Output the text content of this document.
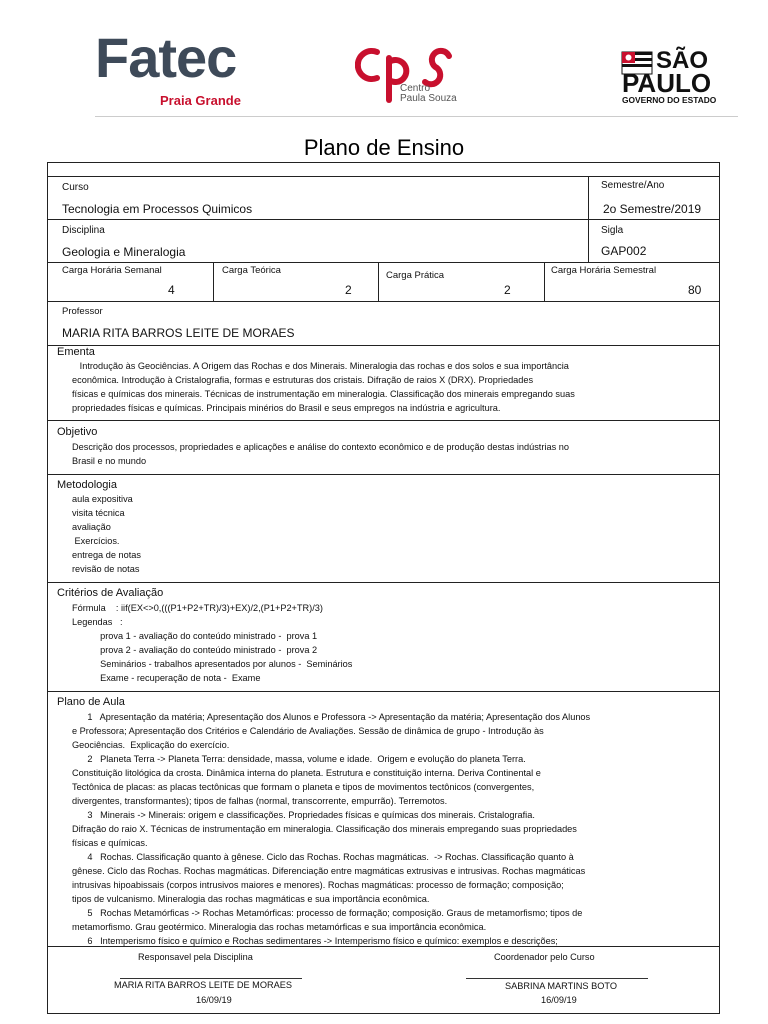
Fatec
Praia Grande
Centro
Paula Souza
SÃO
PAULO
GOVERNO DO ESTADO
Plano de Ensino
Curso
Tecnologia em Processos Quimicos
Semestre/Ano
2o Semestre/2019
Disciplina
Geologia e Mineralogia
Sigla
GAP002
Carga Horária Semanal
4
Carga Teórica
2
Carga Prática
2
Carga Horária Semestral
80
Professor
MARIA RITA BARROS LEITE DE MORAES
Ementa
Introdução às Geociências. A Origem das Rochas e dos Minerais. Mineralogia das rochas e dos solos e sua importância
econômica. Introdução à Cristalografia, formas e estruturas dos cristais. Difração de raios X (DRX). Propriedades
físicas e químicas dos minerais. Técnicas de instrumentação em mineralogia. Classificação dos minerais empregando suas
propriedades físicas e químicas. Principais minérios do Brasil e seus empregos na indústria e agricultura.
Objetivo
Descrição dos processos, propriedades e aplicações e análise do contexto econômico e de produção destas indústrias no
Brasil e no mundo
Metodologia
aula expositiva
visita técnica
avaliação
Exercícios.
entrega de notas
revisão de notas
Critérios de Avaliação
Fórmula    : iif(EX<>0,(((P1+P2+TR)/3)+EX)/2,(P1+P2+TR)/3)
Legendas   :
prova 1 - avaliação do conteúdo ministrado -  prova 1
prova 2 - avaliação do conteúdo ministrado -  prova 2
Seminários - trabalhos apresentados por alunos -  Seminários
Exame - recuperação de nota -  Exame
Plano de Aula
1   Apresentação da matéria; Apresentação dos Alunos e Professora -> Apresentação da matéria; Apresentação dos Alunos
e Professora; Apresentação dos Critérios e Calendário de Avaliações. Sessão de dinâmica de grupo - Introdução às
Geociências.  Explicação do exercício.
2   Planeta Terra -> Planeta Terra: densidade, massa, volume e idade.  Origem e evolução do planeta Terra.
Constituição litológica da crosta. Dinâmica interna do planeta. Estrutura e constituição interna. Deriva Continental e
Tectônica de placas: as placas tectônicas que formam o planeta e tipos de movimentos tectônicos (convergentes,
divergentes, transformantes); tipos de falhas (normal, transcorrente, empurrão). Terremotos.
3   Minerais -> Minerais: origem e classificações. Propriedades físicas e químicas dos minerais. Cristalografia.
Difração do raio X. Técnicas de instrumentação em mineralogia. Classificação dos minerais empregando suas propriedades
físicas e químicas.
4   Rochas. Classificação quanto à gênese. Ciclo das Rochas. Rochas magmáticas.  -> Rochas. Classificação quanto à
gênese. Ciclo das Rochas. Rochas magmáticas. Diferenciação entre magmáticas extrusivas e intrusivas. Rochas magmáticas
intrusivas hipoabissais (corpos intrusivos maiores e menores). Rochas magmáticas: processo de formação; composição;
tipos de vulcanismo. Mineralogia das rochas magmáticas e sua importância econômica.
5   Rochas Metamórficas -> Rochas Metamórficas: processo de formação; composição. Graus de metamorfismo; tipos de
metamorfismo. Grau geotérmico. Mineralogia das rochas metamórficas e sua importância econômica.
6   Intemperismo físico e químico e Rochas sedimentares -> Intemperismo físico e químico: exemplos e descrições;
Responsavel pela Disciplina	Coordenador pelo Curso
MARIA RITA BARROS LEITE DE MORAES
16/09/19
SABRINA MARTINS BOTO
16/09/19
